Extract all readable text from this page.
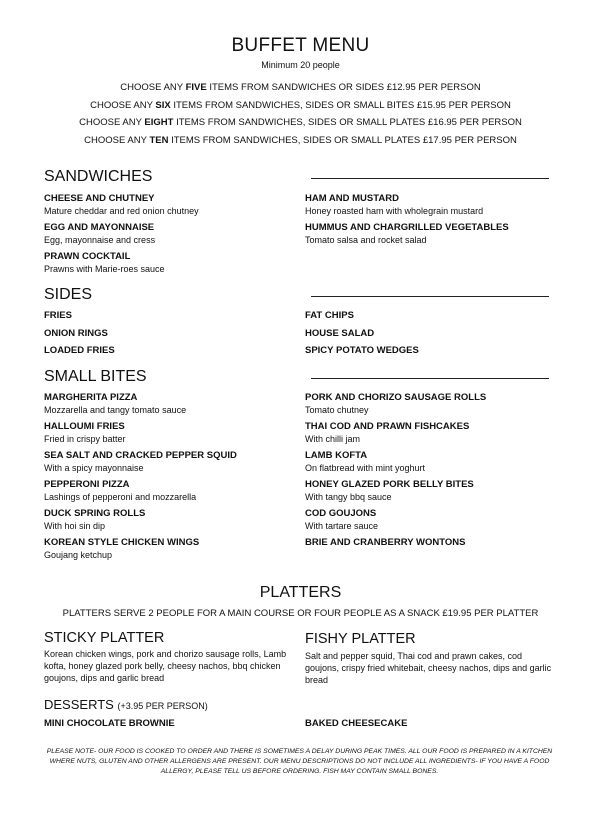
BUFFET MENU
Minimum 20 people
CHOOSE ANY FIVE ITEMS FROM SANDWICHES OR SIDES £12.95 PER PERSON
CHOOSE ANY SIX ITEMS FROM SANDWICHES, SIDES OR SMALL BITES £15.95 PER PERSON
CHOOSE ANY EIGHT ITEMS FROM SANDWICHES, SIDES OR SMALL PLATES £16.95 PER PERSON
CHOOSE ANY TEN ITEMS FROM SANDWICHES, SIDES OR SMALL PLATES £17.95 PER PERSON
SANDWICHES
CHEESE AND CHUTNEY
Mature cheddar and red onion chutney
EGG AND MAYONNAISE
Egg, mayonnaise and cress
PRAWN COCKTAIL
Prawns with Marie-roes sauce
HAM AND MUSTARD
Honey roasted ham with wholegrain mustard
HUMMUS AND CHARGRILLED VEGETABLES
Tomato salsa and rocket salad
SIDES
FRIES
ONION RINGS
LOADED FRIES
FAT CHIPS
HOUSE SALAD
SPICY POTATO WEDGES
SMALL BITES
MARGHERITA PIZZA
Mozzarella and tangy tomato sauce
HALLOUMI FRIES
Fried in crispy batter
SEA SALT AND CRACKED PEPPER SQUID
With a spicy mayonnaise
PEPPERONI PIZZA
Lashings of pepperoni and mozzarella
DUCK SPRING ROLLS
With hoi sin dip
KOREAN STYLE CHICKEN WINGS
Goujang ketchup
PORK AND CHORIZO SAUSAGE ROLLS
Tomato chutney
THAI COD AND PRAWN FISHCAKES
With chilli jam
LAMB KOFTA
On flatbread with mint yoghurt
HONEY GLAZED PORK BELLY BITES
With tangy bbq sauce
COD GOUJONS
With tartare sauce
BRIE AND CRANBERRY WONTONS
PLATTERS
PLATTERS SERVE 2 PEOPLE FOR A MAIN COURSE OR FOUR PEOPLE AS A SNACK £19.95 PER PLATTER
STICKY PLATTER
Korean chicken wings, pork and chorizo sausage rolls, Lamb kofta, honey glazed pork belly, cheesy nachos, bbq chicken goujons, dips and garlic bread
FISHY PLATTER
Salt and pepper squid, Thai cod and prawn cakes, cod goujons, crispy fried whitebait, cheesy nachos, dips and garlic bread
DESSERTS (+3.95 PER PERSON)
MINI CHOCOLATE BROWNIE	BAKED CHEESECAKE
PLEASE NOTE- OUR FOOD IS COOKED TO ORDER AND THERE IS SOMETIMES A DELAY DURING PEAK TIMES. ALL OUR FOOD IS PREPARED IN A KITCHEN WHERE NUTS, GLUTEN AND OTHER ALLERGENS ARE PRESENT. OUR MENU DESCRIPTIONS DO NOT INCLUDE ALL INGREDIENTS- IF YOU HAVE A FOOD ALLERGY, PLEASE TELL US BEFORE ORDERING. FISH MAY CONTAIN SMALL BONES.
